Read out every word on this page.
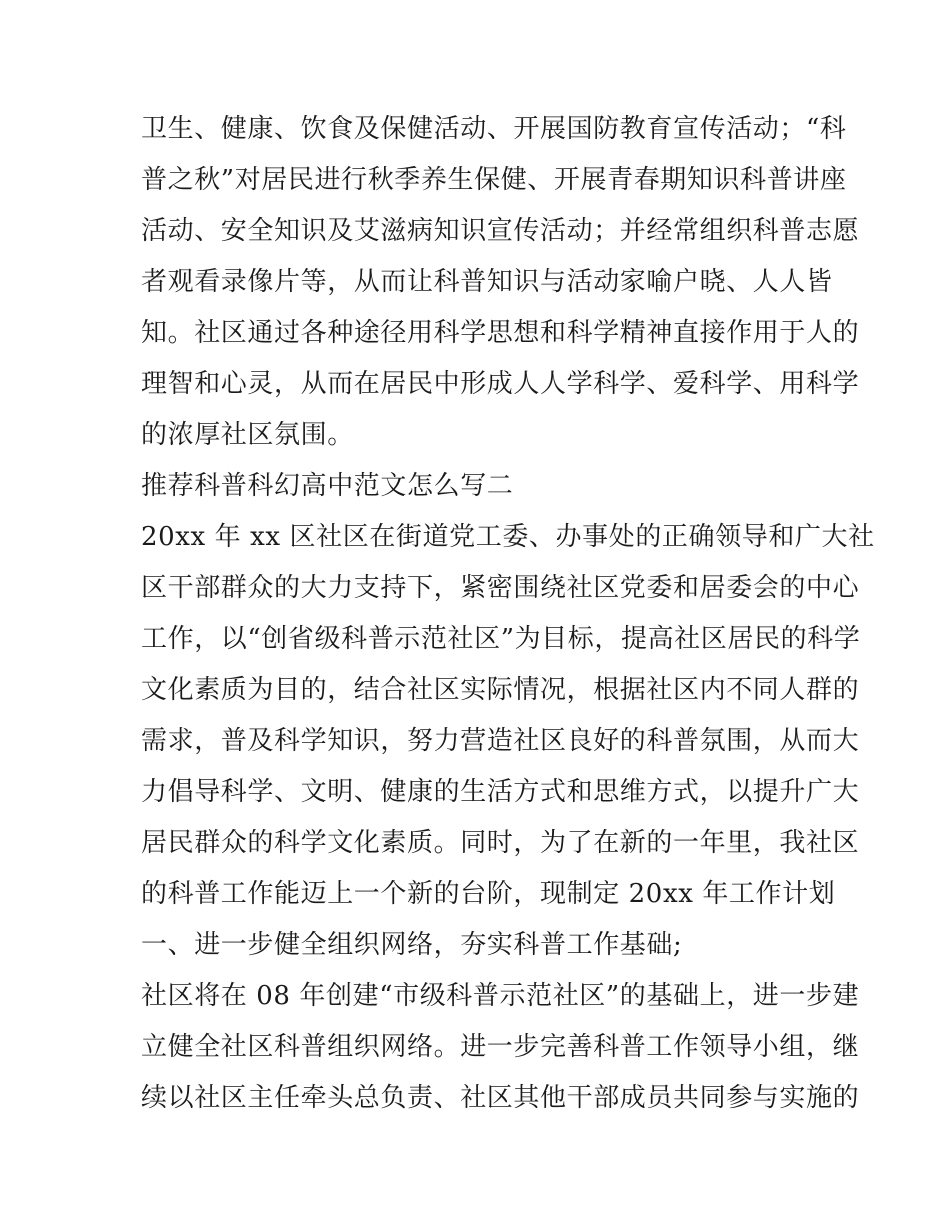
卫生、健康、饮食及保健活动、开展国防教育宣传活动；“科
普之秋”对居民进行秋季养生保健、开展青春期知识科普讲座
活动、安全知识及艾滋病知识宣传活动；并经常组织科普志愿
者观看录像片等，从而让科普知识与活动家喻户晓、人人皆
知。社区通过各种途径用科学思想和科学精神直接作用于人的
理智和心灵，从而在居民中形成人人学科学、爱科学、用科学
的浓厚社区氛围。
推荐科普科幻高中范文怎么写二
20xx 年 xx 区社区在街道党工委、办事处的正确领导和广大社
区干部群众的大力支持下，紧密围绕社区党委和居委会的中心
工作，以“创省级科普示范社区”为目标，提高社区居民的科学
文化素质为目的，结合社区实际情况，根据社区内不同人群的
需求，普及科学知识，努力营造社区良好的科普氛围，从而大
力倡导科学、文明、健康的生活方式和思维方式，以提升广大
居民群众的科学文化素质。同时，为了在新的一年里，我社区
的科普工作能迈上一个新的台阶，现制定 20xx 年工作计划
一、进一步健全组织网络，夯实科普工作基础;
社区将在 08 年创建“市级科普示范社区”的基础上，进一步建
立健全社区科普组织网络。进一步完善科普工作领导小组，继
续以社区主任牵头总负责、社区其他干部成员共同参与实施的
